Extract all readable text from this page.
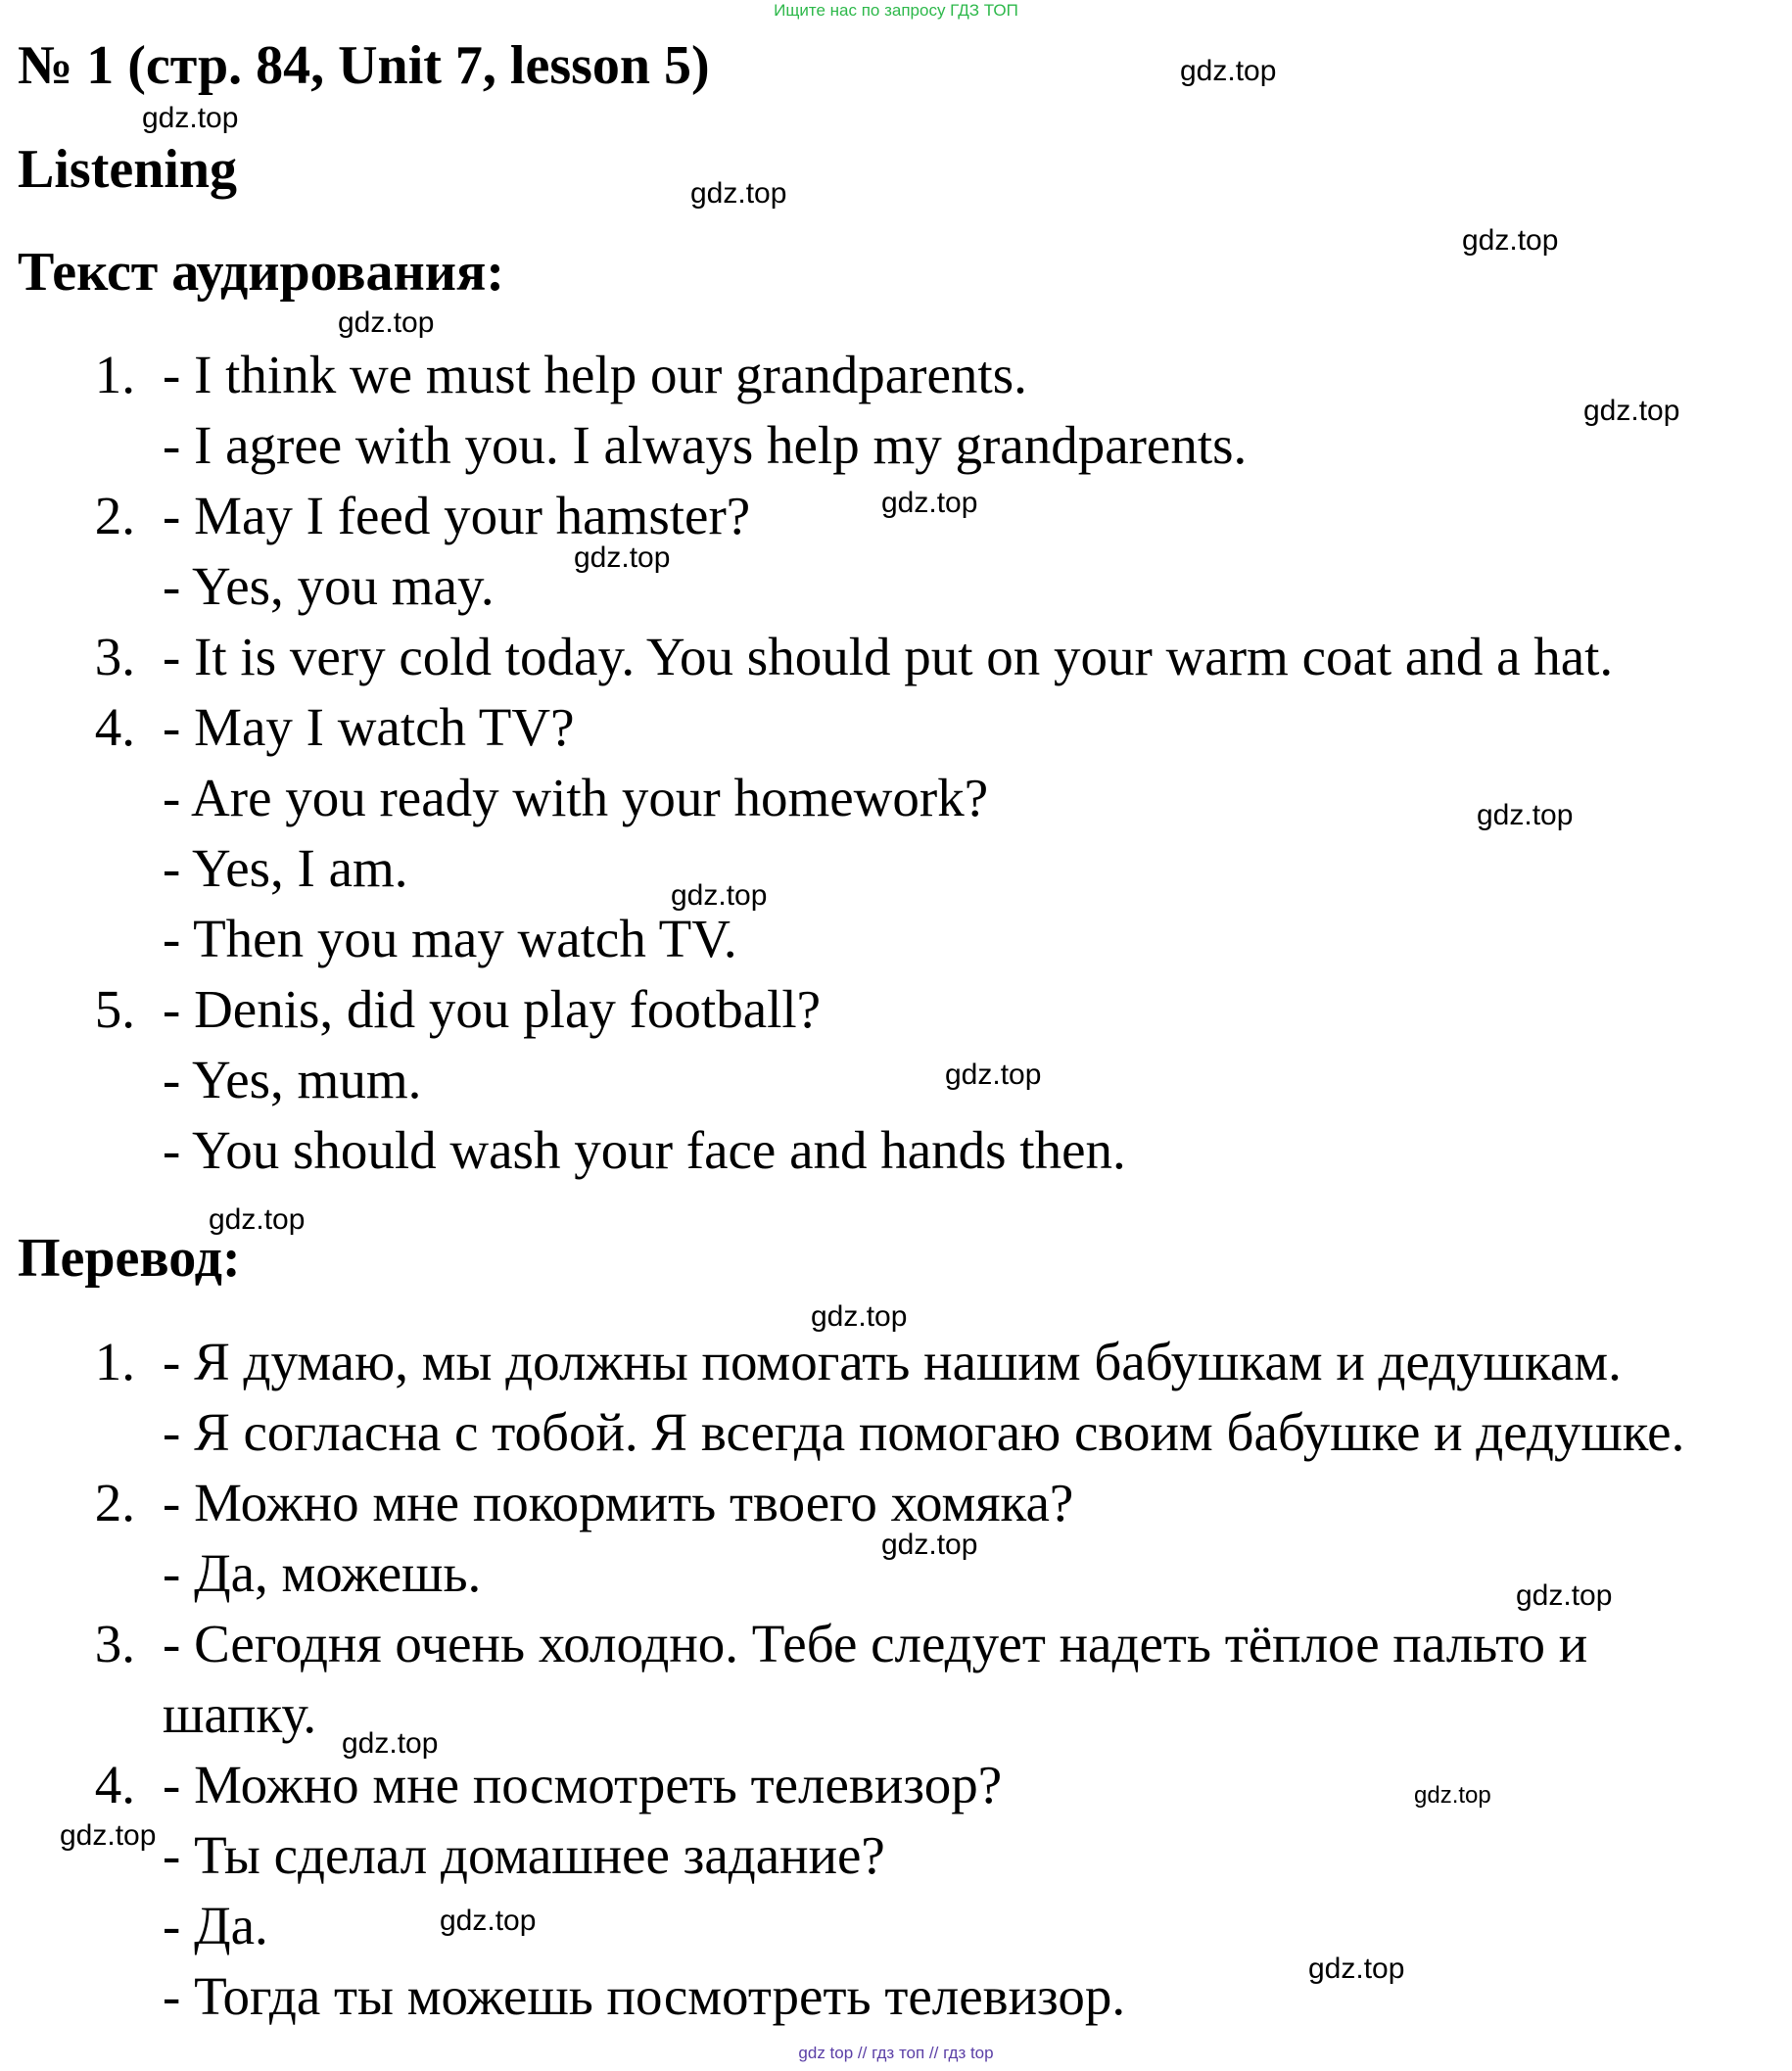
Ищите нас по запросу ГДЗ ТОП
№ 1 (стр. 84, Unit 7, lesson 5)
Listening
Текст аудирования:
1. - I think we must help our grandparents.
- I agree with you. I always help my grandparents.
2. - May I feed your hamster?
- Yes, you may.
3. - It is very cold today. You should put on your warm coat and a hat.
4. - May I watch TV?
- Are you ready with your homework?
- Yes, I am.
- Then you may watch TV.
5. - Denis, did you play football?
- Yes, mum.
- You should wash your face and hands then.
Перевод:
1. - Я думаю, мы должны помогать нашим бабушкам и дедушкам.
- Я согласна с тобой. Я всегда помогаю своим бабушке и дедушке.
2. - Можно мне покормить твоего хомяка?
- Да, можешь.
3. - Сегодня очень холодно. Тебе следует надеть тёплое пальто и
шапку.
4. - Можно мне посмотреть телевизор?
- Ты сделал домашнее задание?
- Да.
- Тогда ты можешь посмотреть телевизор.
gdz.top
gdz.top
gdz.top
gdz.top
gdz.top
gdz.top
gdz.top
gdz.top
gdz.top
gdz.top
gdz.top
gdz.top
gdz.top
gdz.top
gdz.top
gdz.top
gdz.top
gdz.top
gdz.top
gdz.top
gdz top // гдз топ // гдз top
